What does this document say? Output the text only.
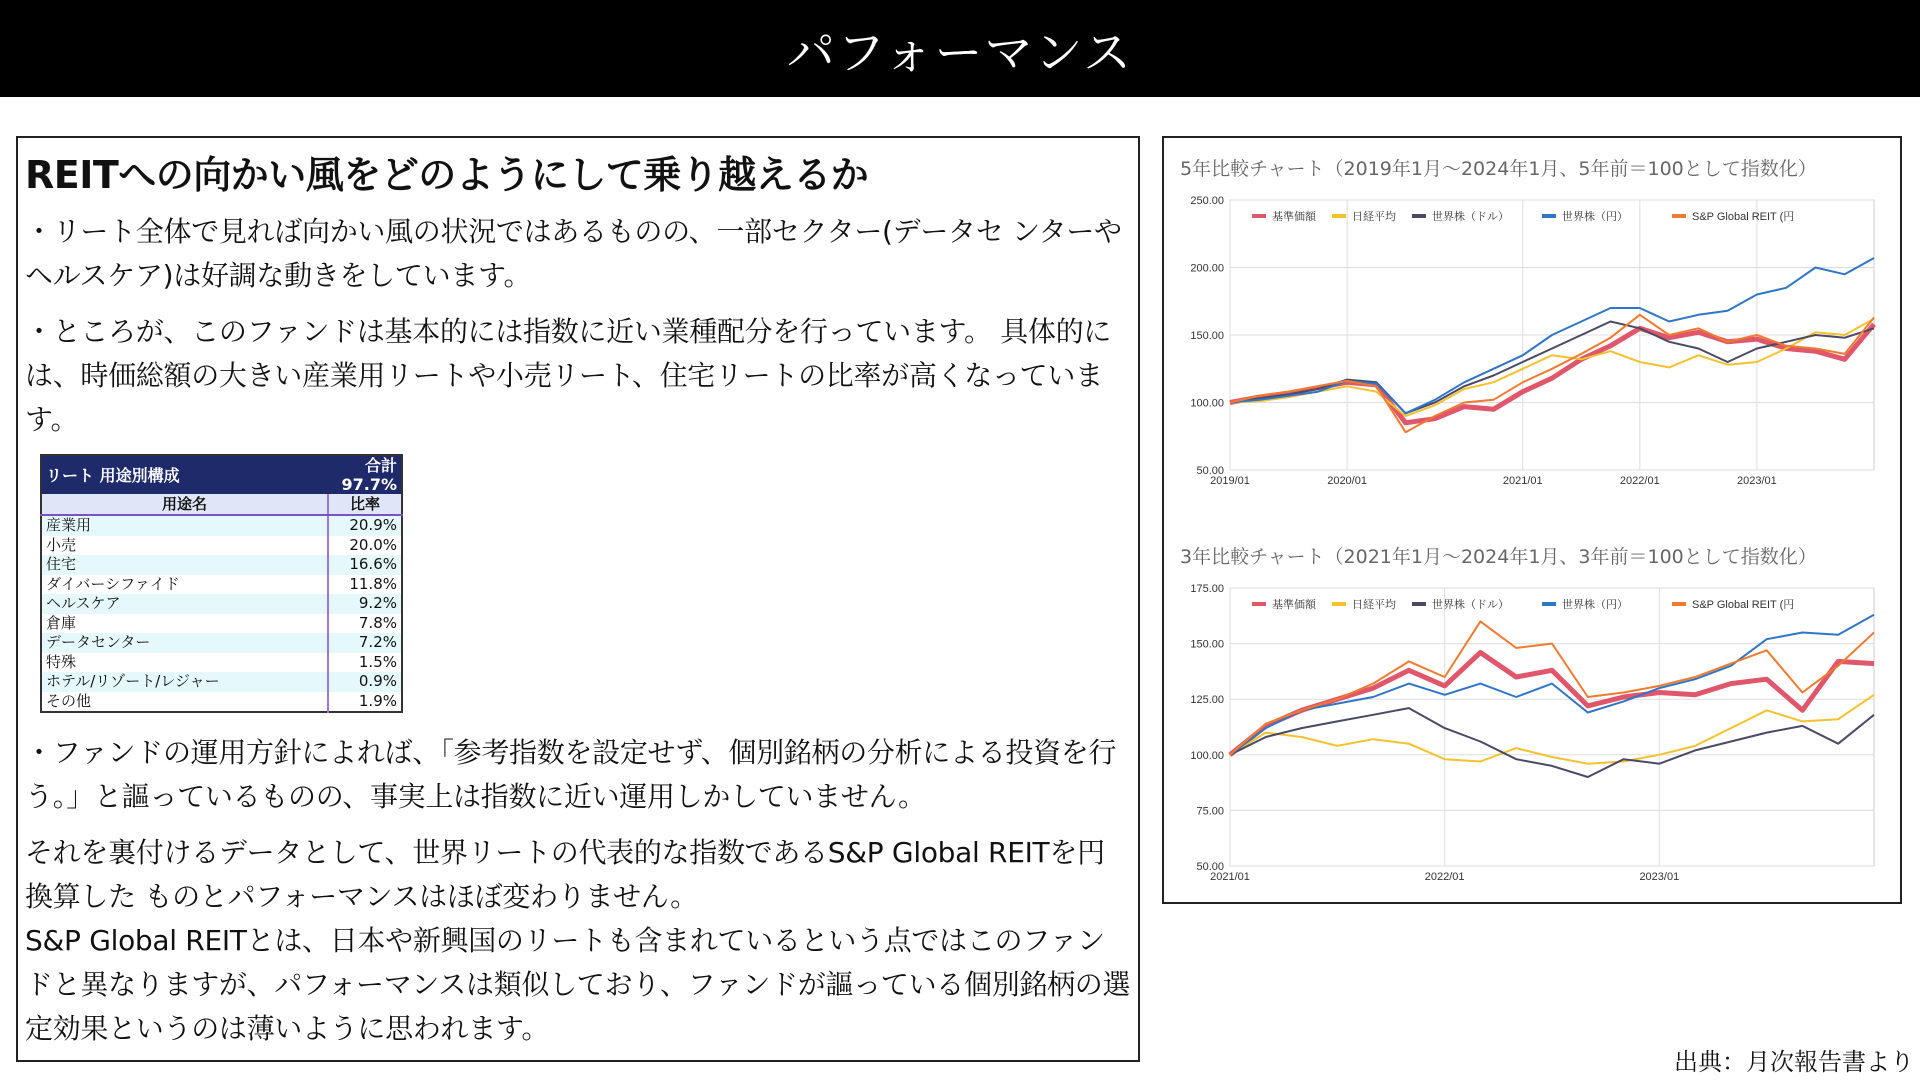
パフォーマンス
REITへの向かい風をどのようにして乗り越えるか

・リート全体で見れば向かい風の状況ではあるものの、一部セクター(データセ ンターやヘルスケア)は好調な動きをしています。

・ところが、このファンドは基本的には指数に近い業種配分を行っています。 具体的には、時価総額の大きい産業用リートや小売リート、住宅リートの比率が高くなっています。

リート 用途別構成	合計97.7%
用途名	比率
産業用	20.9%
小売	20.0%
住宅	16.6%
ダイバーシファイド	11.8%
ヘルスケア	9.2%
倉庫	7.8%
データセンター	7.2%
特殊	1.5%
ホテル/リゾート/レジャー	0.9%
その他	1.9%

・ファンドの運用方針によれば、「参考指数を設定せず、個別銘柄の分析による投資を行う。」と謳っているものの、事実上は指数に近い運用しかしていません。

それを裏付けるデータとして、世界リートの代表的な指数であるS&P Global REITを円換算した ものとパフォーマンスはほぼ変わりません。

S&P Global REITとは、日本や新興国のリートも含まれているという点ではこのファンドと異なりますが、パフォーマンスは類似しており、ファンドが謳っている個別銘柄の選定効果というのは薄いように思われます。

5年比較チャート（2019年1月～2024年1月、5年前＝100として指数化）
50.00
100.00
150.00
200.00
250.00
2019/01	2020/01	2021/01	2022/01	2023/01
基準価額	日経平均	世界株（ドル）	世界株（円）	S&P Global REIT (円
3年比較チャート（2021年1月～2024年1月、3年前＝100として指数化）
50.00
75.00
100.00
125.00
150.00
175.00
2021/01	2022/01	2023/01
基準価額	日経平均	世界株（ドル）	世界株（円）	S&P Global REIT (円
出典：月次報告書より
